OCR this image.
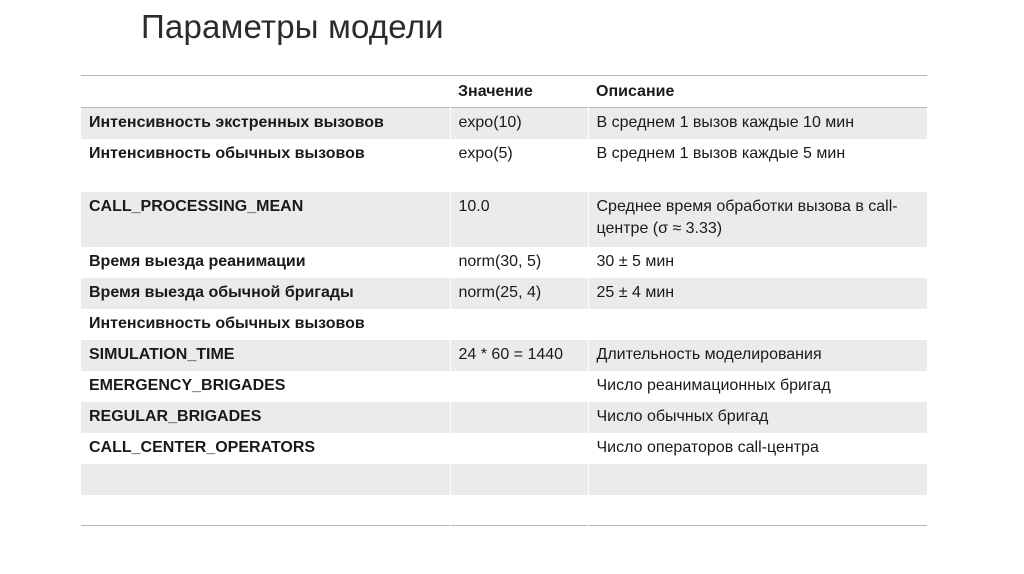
Параметры модели
	Значение	Описание
Интенсивность экстренных вызовов	expo(10)	В среднем 1 вызов каждые 10 мин
Интенсивность обычных вызовов	expo(5)	В среднем 1 вызов каждые 5 мин
CALL_PROCESSING_MEAN	10.0	Среднее время обработки вызова в call-центре (σ ≈ 3.33)
Время выезда реанимации	norm(30, 5)	30 ± 5 мин
Время выезда обычной бригады	norm(25, 4)	25 ± 4 мин
Интенсивность обычных вызовов		
SIMULATION_TIME	24 * 60 = 1440	Длительность моделирования
EMERGENCY_BRIGADES		Число реанимационных бригад
REGULAR_BRIGADES		Число обычных бригад
CALL_CENTER_OPERATORS		Число операторов call-центра
